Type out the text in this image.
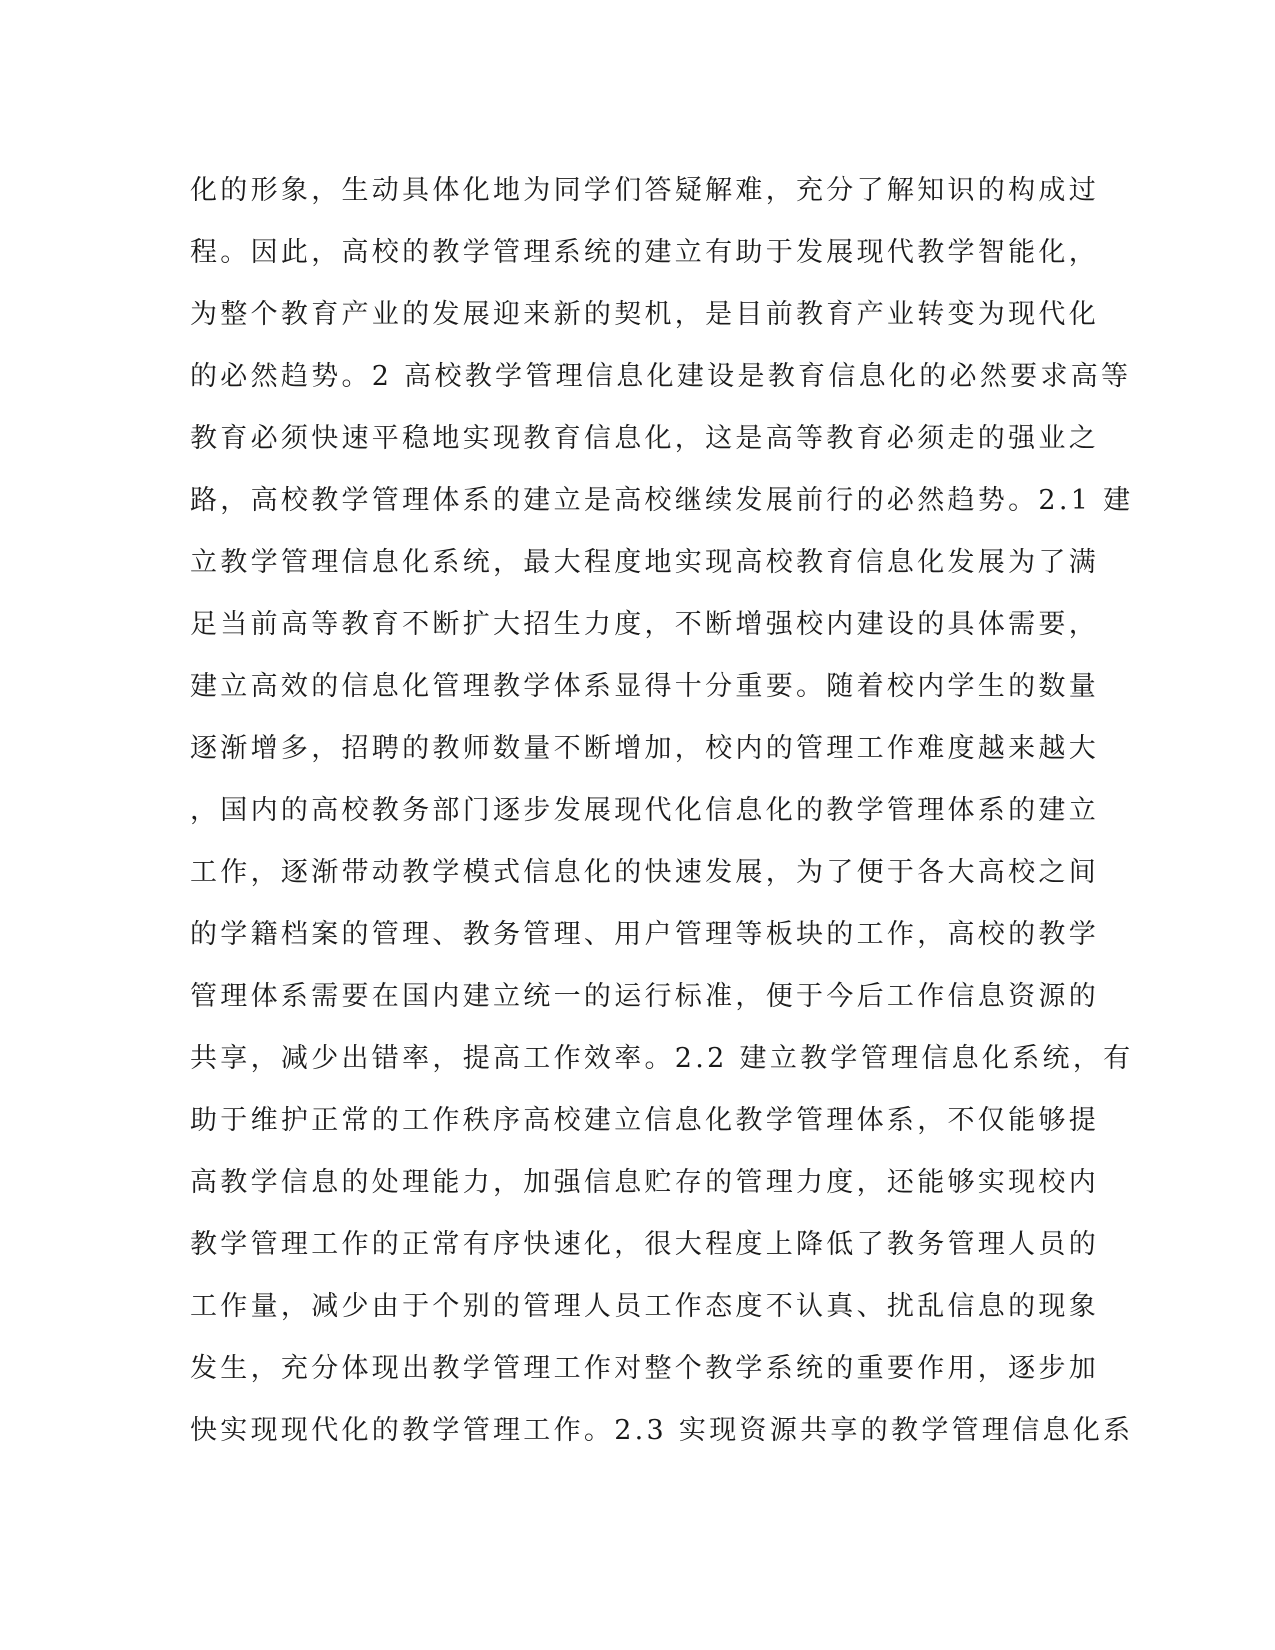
化的形象，生动具体化地为同学们答疑解难，充分了解知识的构成过
程。因此，高校的教学管理系统的建立有助于发展现代教学智能化，
为整个教育产业的发展迎来新的契机，是目前教育产业转变为现代化
的必然趋势。2 高校教学管理信息化建设是教育信息化的必然要求高等
教育必须快速平稳地实现教育信息化，这是高等教育必须走的强业之
路，高校教学管理体系的建立是高校继续发展前行的必然趋势。2.1 建
立教学管理信息化系统，最大程度地实现高校教育信息化发展为了满
足当前高等教育不断扩大招生力度，不断增强校内建设的具体需要，
建立高效的信息化管理教学体系显得十分重要。随着校内学生的数量
逐渐增多，招聘的教师数量不断增加，校内的管理工作难度越来越大
，国内的高校教务部门逐步发展现代化信息化的教学管理体系的建立
工作，逐渐带动教学模式信息化的快速发展，为了便于各大高校之间
的学籍档案的管理、教务管理、用户管理等板块的工作，高校的教学
管理体系需要在国内建立统一的运行标准，便于今后工作信息资源的
共享，减少出错率，提高工作效率。2.2 建立教学管理信息化系统，有
助于维护正常的工作秩序高校建立信息化教学管理体系，不仅能够提
高教学信息的处理能力，加强信息贮存的管理力度，还能够实现校内
教学管理工作的正常有序快速化，很大程度上降低了教务管理人员的
工作量，减少由于个别的管理人员工作态度不认真、扰乱信息的现象
发生，充分体现出教学管理工作对整个教学系统的重要作用，逐步加
快实现现代化的教学管理工作。2.3 实现资源共享的教学管理信息化系
